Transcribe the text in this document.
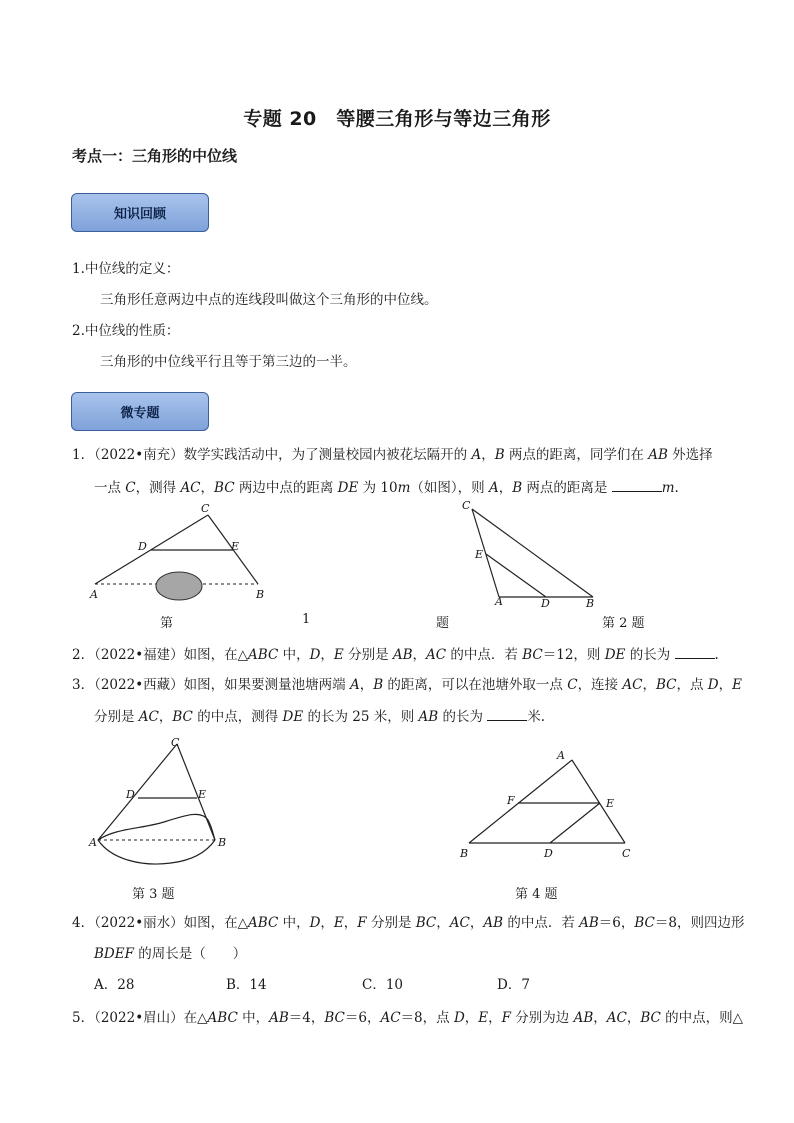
专题 20　等腰三角形与等边三角形
考点一：三角形的中位线
知识回顾
1.中位线的定义：
三角形任意两边中点的连线段叫做这个三角形的中位线。
2.中位线的性质：
三角形的中位线平行且等于第三边的一半。
微专题
1．（2022•南充）数学实践活动中，为了测量校园内被花坛隔开的 A，B 两点的距离，同学们在 AB 外选择
一点 C，测得 AC，BC 两边中点的距离 DE 为 10m（如图），则 A，B 两点的距离是	m.
C
D	E
A	B
C
E
A	D	B
第	1	题	第 2 题
2．（2022•福建）如图，在△ABC 中，D，E 分别是 AB，AC 的中点．若 BC＝12，则 DE 的长为	.
3．（2022•西藏）如图，如果要测量池塘两端 A，B 的距离，可以在池塘外取一点 C，连接 AC，BC，点 D，E
分别是 AC，BC 的中点，测得 DE 的长为 25 米，则 AB 的长为	米.
C
D	E
A	B
A
F	E
B	D	C
第 3 题	第 4 题
4．（2022•丽水）如图，在△ABC 中，D，E，F 分别是 BC，AC，AB 的中点．若 AB＝6，BC＝8，则四边形
BDEF 的周长是（　　）
A．28	B．14	C．10	D．7
5．（2022•眉山）在△ABC 中，AB＝4，BC＝6，AC＝8，点 D，E，F 分别为边 AB，AC，BC 的中点，则△
